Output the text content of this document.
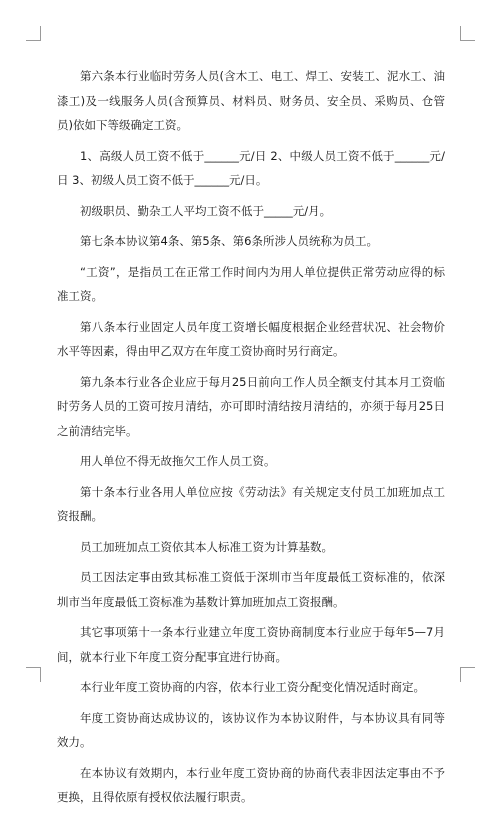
第六条本行业临时劳务人员(含木工、电工、焊工、安装工、泥水工、油漆工)及一线服务人员(含预算员、材料员、财务员、安全员、采购员、仓管员)依如下等级确定工资。

1、高级人员工资不低于______元/日 2、中级人员工资不低于______元/日 3、初级人员工资不低于______元/日。

初级职员、勤杂工人平均工资不低于_____元/月。

第七条本协议第4条、第5条、第6条所涉人员统称为员工。

“工资”，是指员工在正常工作时间内为用人单位提供正常劳动应得的标准工资。

第八条本行业固定人员年度工资增长幅度根据企业经营状况、社会物价水平等因素，得由甲乙双方在年度工资协商时另行商定。

第九条本行业各企业应于每月25日前向工作人员全额支付其本月工资临时劳务人员的工资可按月清结，亦可即时清结按月清结的，亦须于每月25日之前清结完毕。

用人单位不得无故拖欠工作人员工资。

第十条本行业各用人单位应按《劳动法》有关规定支付员工加班加点工资报酬。

员工加班加点工资依其本人标准工资为计算基数。

员工因法定事由致其标准工资低于深圳市当年度最低工资标准的，依深圳市当年度最低工资标准为基数计算加班加点工资报酬。

其它事项第十一条本行业建立年度工资协商制度本行业应于每年5—7月间，就本行业下年度工资分配事宜进行协商。

本行业年度工资协商的内容，依本行业工资分配变化情况适时商定。

年度工资协商达成协议的，该协议作为本协议附件，与本协议具有同等效力。

在本协议有效期内，本行业年度工资协商的协商代表非因法定事由不予更换，且得依原有授权依法履行职责。
